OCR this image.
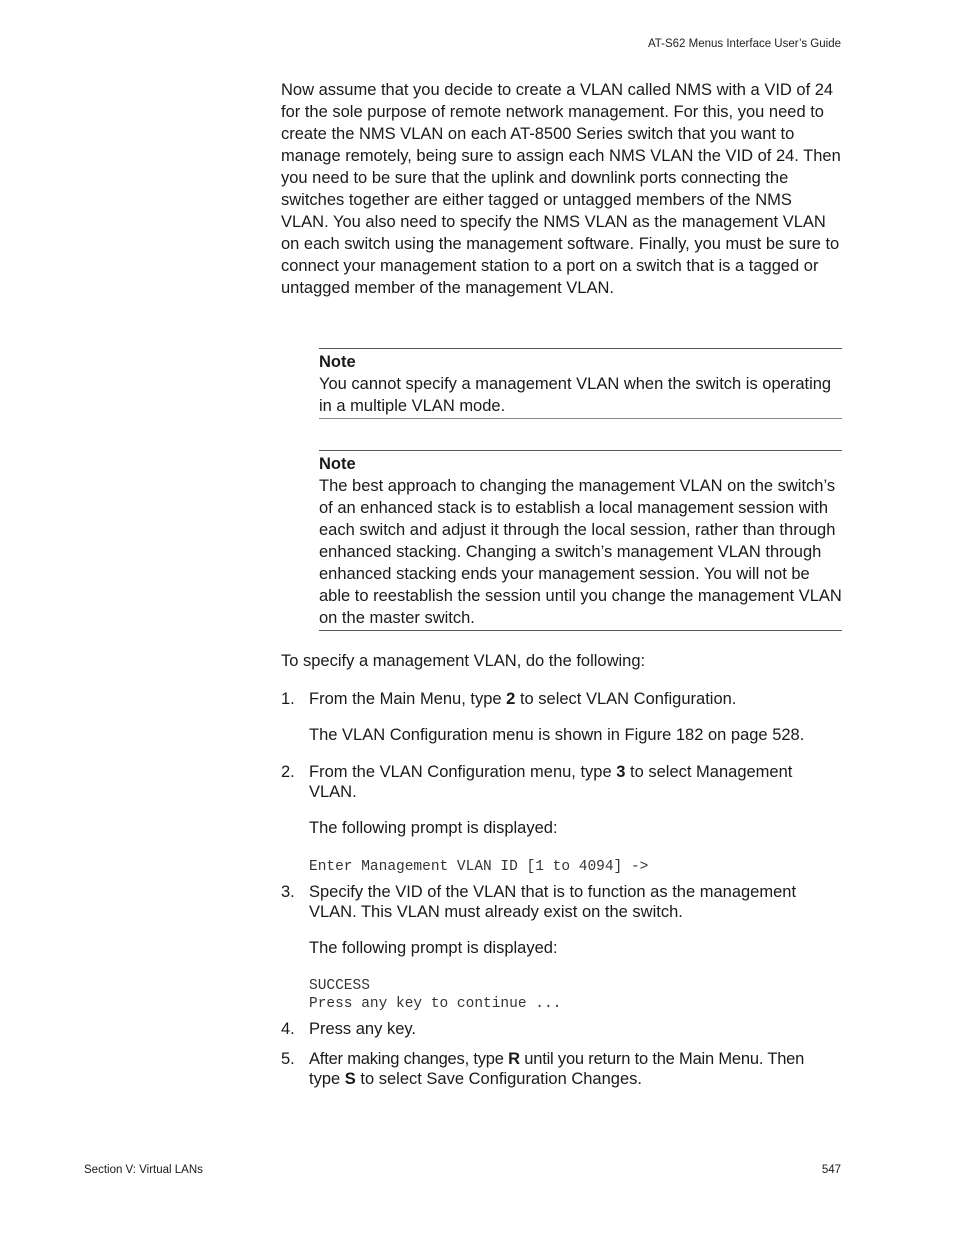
AT-S62 Menus Interface User’s Guide
Now assume that you decide to create a VLAN called NMS with a VID of 24 for the sole purpose of remote network management. For this, you need to create the NMS VLAN on each AT-8500 Series switch that you want to manage remotely, being sure to assign each NMS VLAN the VID of 24. Then you need to be sure that the uplink and downlink ports connecting the switches together are either tagged or untagged members of the NMS VLAN. You also need to specify the NMS VLAN as the management VLAN on each switch using the management software. Finally, you must be sure to connect your management station to a port on a switch that is a tagged or untagged member of the management VLAN.
Note
You cannot specify a management VLAN when the switch is operating in a multiple VLAN mode.
Note
The best approach to changing the management VLAN on the switch’s of an enhanced stack is to establish a local management session with each switch and adjust it through the local session, rather than through enhanced stacking. Changing a switch’s management VLAN through enhanced stacking ends your management session. You will not be able to reestablish the session until you change the management VLAN on the master switch.
To specify a management VLAN, do the following:
1. From the Main Menu, type 2 to select VLAN Configuration.
The VLAN Configuration menu is shown in Figure 182 on page 528.
2. From the VLAN Configuration menu, type 3 to select Management
VLAN.
The following prompt is displayed:
Enter Management VLAN ID [1 to 4094] ->
3. Specify the VID of the VLAN that is to function as the management
VLAN. This VLAN must already exist on the switch.
The following prompt is displayed:
SUCCESS
Press any key to continue ...
4. Press any key.
5. After making changes, type R until you return to the Main Menu. Then
type S to select Save Configuration Changes.
Section V: Virtual LANs	547
